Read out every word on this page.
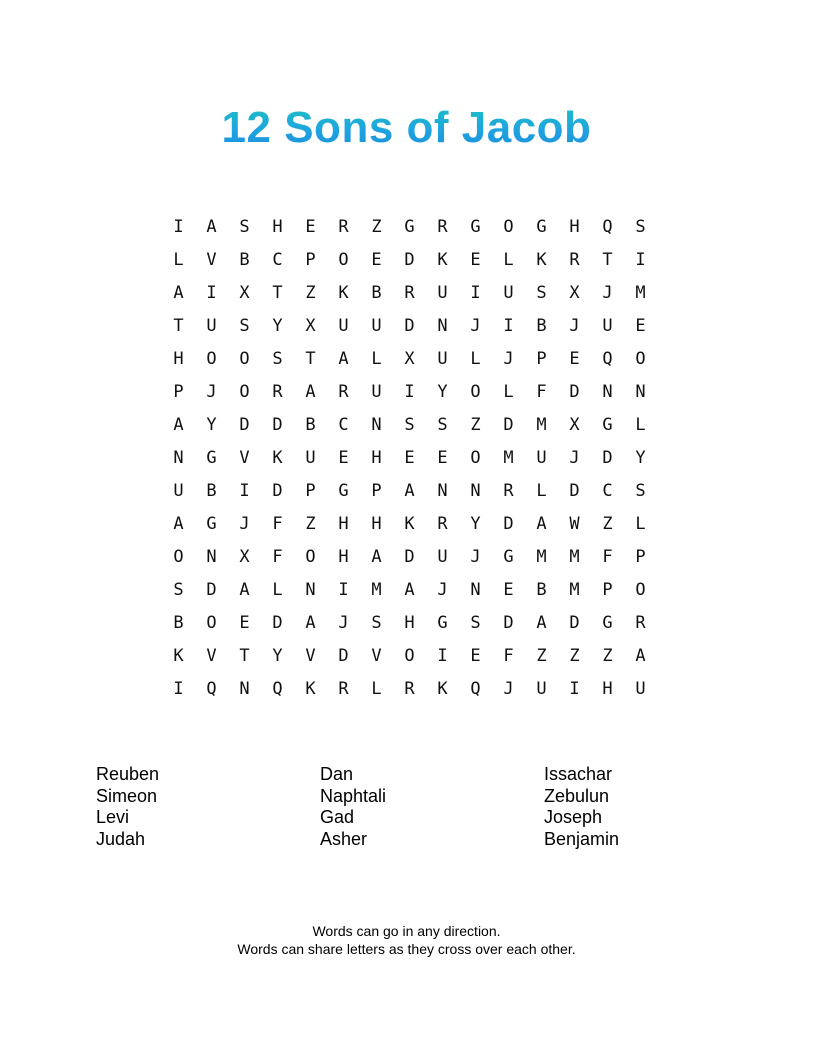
12 Sons of Jacob
I	A	S	H	E	R	Z	G	R	G	O	G	H	Q	S
L	V	B	C	P	O	E	D	K	E	L	K	R	T	I
A	I	X	T	Z	K	B	R	U	I	U	S	X	J	M
T	U	S	Y	X	U	U	D	N	J	I	B	J	U	E
H	O	O	S	T	A	L	X	U	L	J	P	E	Q	O
P	J	O	R	A	R	U	I	Y	O	L	F	D	N	N
A	Y	D	D	B	C	N	S	S	Z	D	M	X	G	L
N	G	V	K	U	E	H	E	E	O	M	U	J	D	Y
U	B	I	D	P	G	P	A	N	N	R	L	D	C	S
A	G	J	F	Z	H	H	K	R	Y	D	A	W	Z	L
O	N	X	F	O	H	A	D	U	J	G	M	M	F	P
S	D	A	L	N	I	M	A	J	N	E	B	M	P	O
B	O	E	D	A	J	S	H	G	S	D	A	D	G	R
K	V	T	Y	V	D	V	O	I	E	F	Z	Z	Z	A
I	Q	N	Q	K	R	L	R	K	Q	J	U	I	H	U
Reuben
Simeon
Levi
Judah
Dan
Naphtali
Gad
Asher
Issachar
Zebulun
Joseph
Benjamin
Words can go in any direction.
Words can share letters as they cross over each other.
